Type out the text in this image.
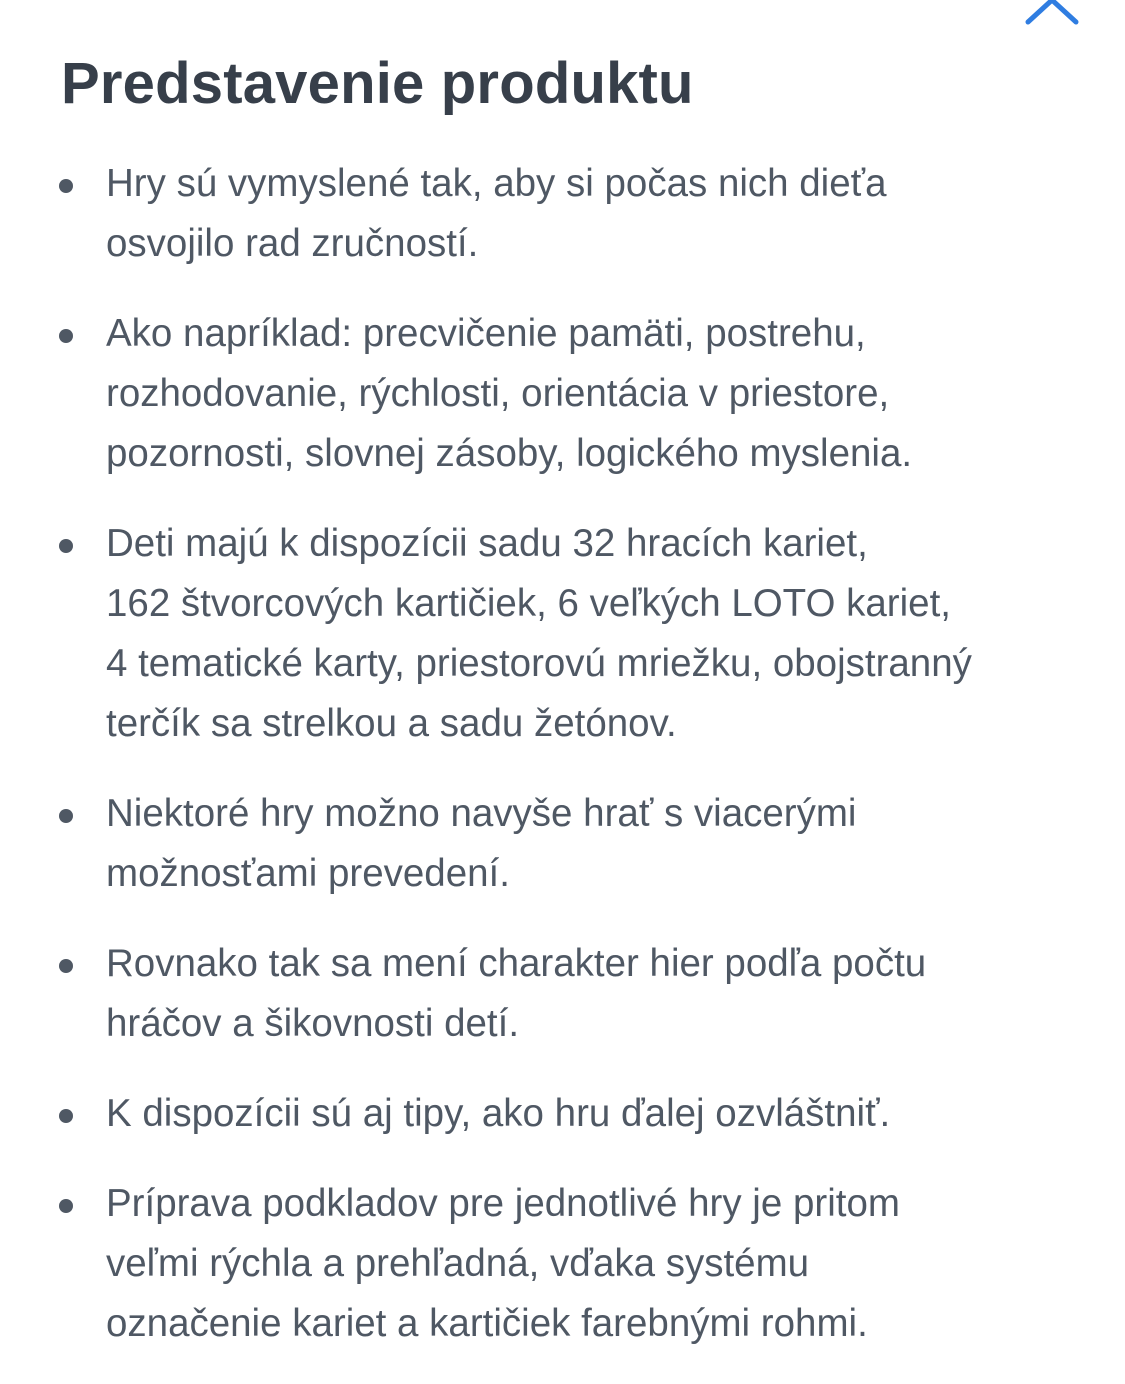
Predstavenie produktu
Hry sú vymyslené tak, aby si počas nich dieťa
osvojilo rad zručností.
Ako napríklad: precvičenie pamäti, postrehu,
rozhodovanie, rýchlosti, orientácia v priestore,
pozornosti, slovnej zásoby, logického myslenia.
Deti majú k dispozícii sadu 32 hracích kariet,
162 štvorcových kartičiek, 6 veľkých LOTO kariet,
4 tematické karty, priestorovú mriežku, obojstranný
terčík sa strelkou a sadu žetónov.
Niektoré hry možno navyše hrať s viacerými
možnosťami prevedení.
Rovnako tak sa mení charakter hier podľa počtu
hráčov a šikovnosti detí.
K dispozícii sú aj tipy, ako hru ďalej ozvláštniť.
Príprava podkladov pre jednotlivé hry je pritom
veľmi rýchla a prehľadná, vďaka systému
označenie kariet a kartičiek farebnými rohmi.
